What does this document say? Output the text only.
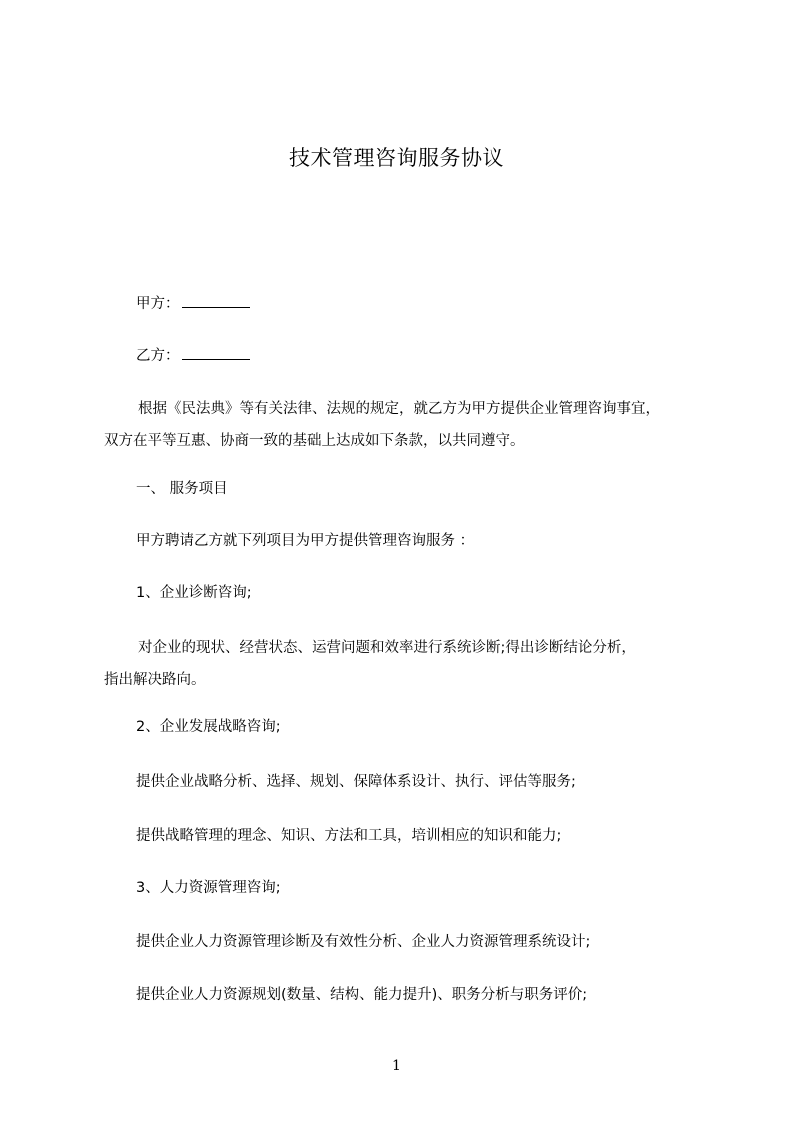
技术管理咨询服务协议
甲方：
乙方：
根据《民法典》等有关法律、法规的规定，就乙方为甲方提供企业管理咨询事宜，
双方在平等互惠、协商一致的基础上达成如下条款，以共同遵守。
一、 服务项目
甲方聘请乙方就下列项目为甲方提供管理咨询服务 ：
1、企业诊断咨询;
对企业的现状、经营状态、运营问题和效率进行系统诊断;得出诊断结论分析，
指出解决路向。
2、企业发展战略咨询;
提供企业战略分析、选择、规划、保障体系设计、执行、评估等服务;
提供战略管理的理念、知识、方法和工具，培训相应的知识和能力;
3、人力资源管理咨询;
提供企业人力资源管理诊断及有效性分析、企业人力资源管理系统设计;
提供企业人力资源规划(数量、结构、能力提升)、职务分析与职务评价;
1
